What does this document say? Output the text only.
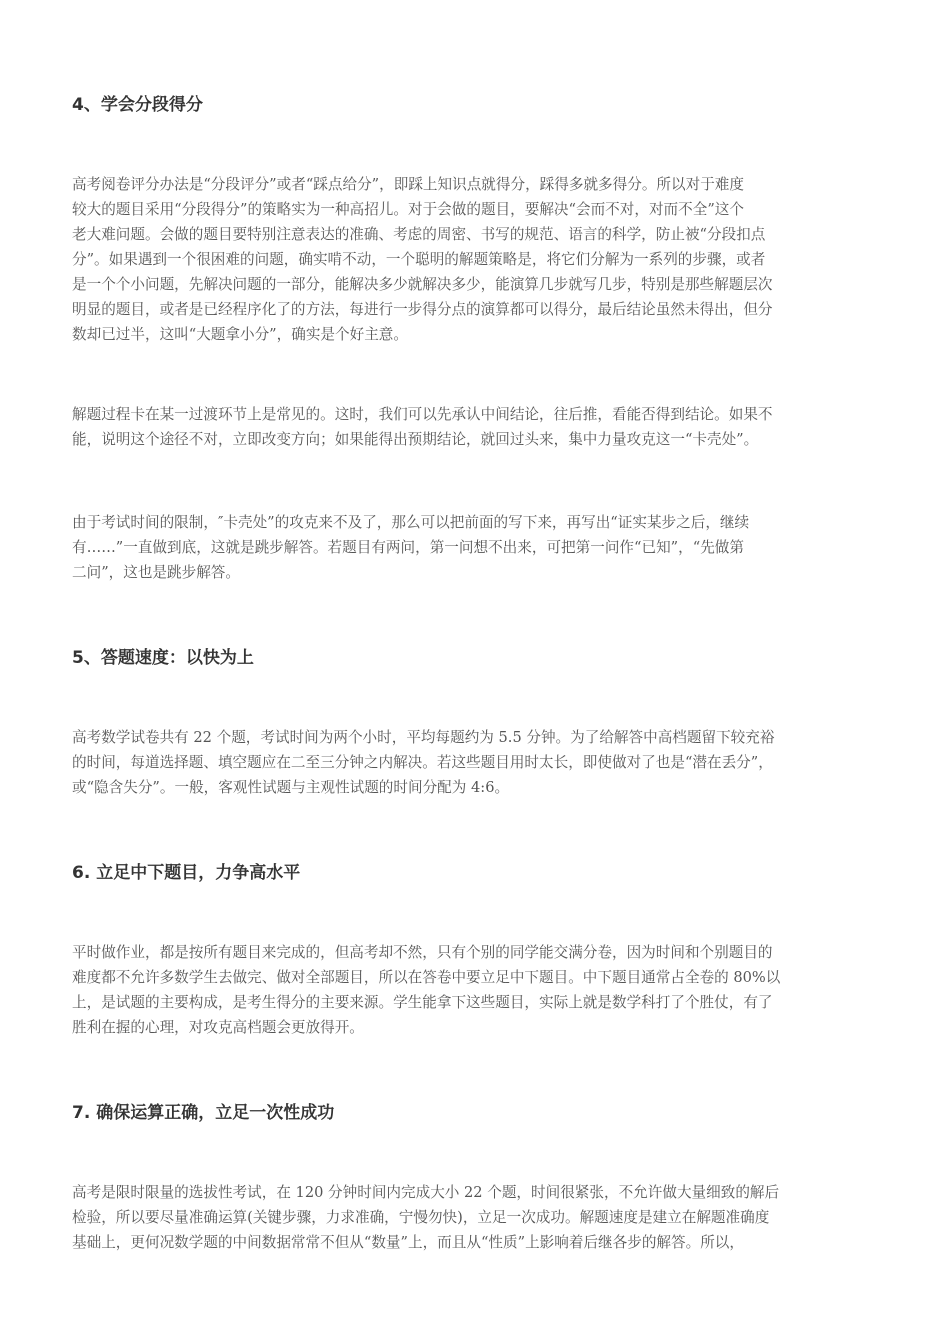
4、学会分段得分
高考阅卷评分办法是“分段评分”或者“踩点给分”，即踩上知识点就得分，踩得多就多得分。所以对于难度
较大的题目采用“分段得分”的策略实为一种高招儿。对于会做的题目，要解决“会而不对，对而不全”这个
老大难问题。会做的题目要特别注意表达的准确、考虑的周密、书写的规范、语言的科学，防止被“分段扣点
分”。如果遇到一个很困难的问题，确实啃不动，一个聪明的解题策略是，将它们分解为一系列的步骤，或者
是一个个小问题，先解决问题的一部分，能解决多少就解决多少，能演算几步就写几步，特别是那些解题层次
明显的题目，或者是已经程序化了的方法，每进行一步得分点的演算都可以得分，最后结论虽然未得出，但分
数却已过半，这叫“大题拿小分”，确实是个好主意。
解题过程卡在某一过渡环节上是常见的。这时，我们可以先承认中间结论，往后推，看能否得到结论。如果不
能，说明这个途径不对，立即改变方向；如果能得出预期结论，就回过头来，集中力量攻克这一“卡壳处”。
由于考试时间的限制，″卡壳处”的攻克来不及了，那么可以把前面的写下来，再写出“证实某步之后，继续
有……”一直做到底，这就是跳步解答。若题目有两问，第一问想不出来，可把第一问作“已知”，“先做第
二问”，这也是跳步解答。
5、答题速度：以快为上
高考数学试卷共有 22 个题，考试时间为两个小时，平均每题约为 5.5 分钟。为了给解答中高档题留下较充裕
的时间，每道选择题、填空题应在二至三分钟之内解决。若这些题目用时太长，即使做对了也是“潜在丢分”，
或“隐含失分”。一般，客观性试题与主观性试题的时间分配为 4:6。
6. 立足中下题目，力争高水平
平时做作业，都是按所有题目来完成的，但高考却不然，只有个别的同学能交满分卷，因为时间和个别题目的
难度都不允许多数学生去做完、做对全部题目，所以在答卷中要立足中下题目。中下题目通常占全卷的 80%以
上，是试题的主要构成，是考生得分的主要来源。学生能拿下这些题目，实际上就是数学科打了个胜仗，有了
胜利在握的心理，对攻克高档题会更放得开。
7. 确保运算正确，立足一次性成功
高考是限时限量的选拔性考试，在 120 分钟时间内完成大小 22 个题，时间很紧张，不允许做大量细致的解后
检验，所以要尽量准确运算(关键步骤，力求准确，宁慢勿快)，立足一次成功。解题速度是建立在解题准确度
基础上，更何况数学题的中间数据常常不但从“数量”上，而且从“性质”上影响着后继各步的解答。所以，
